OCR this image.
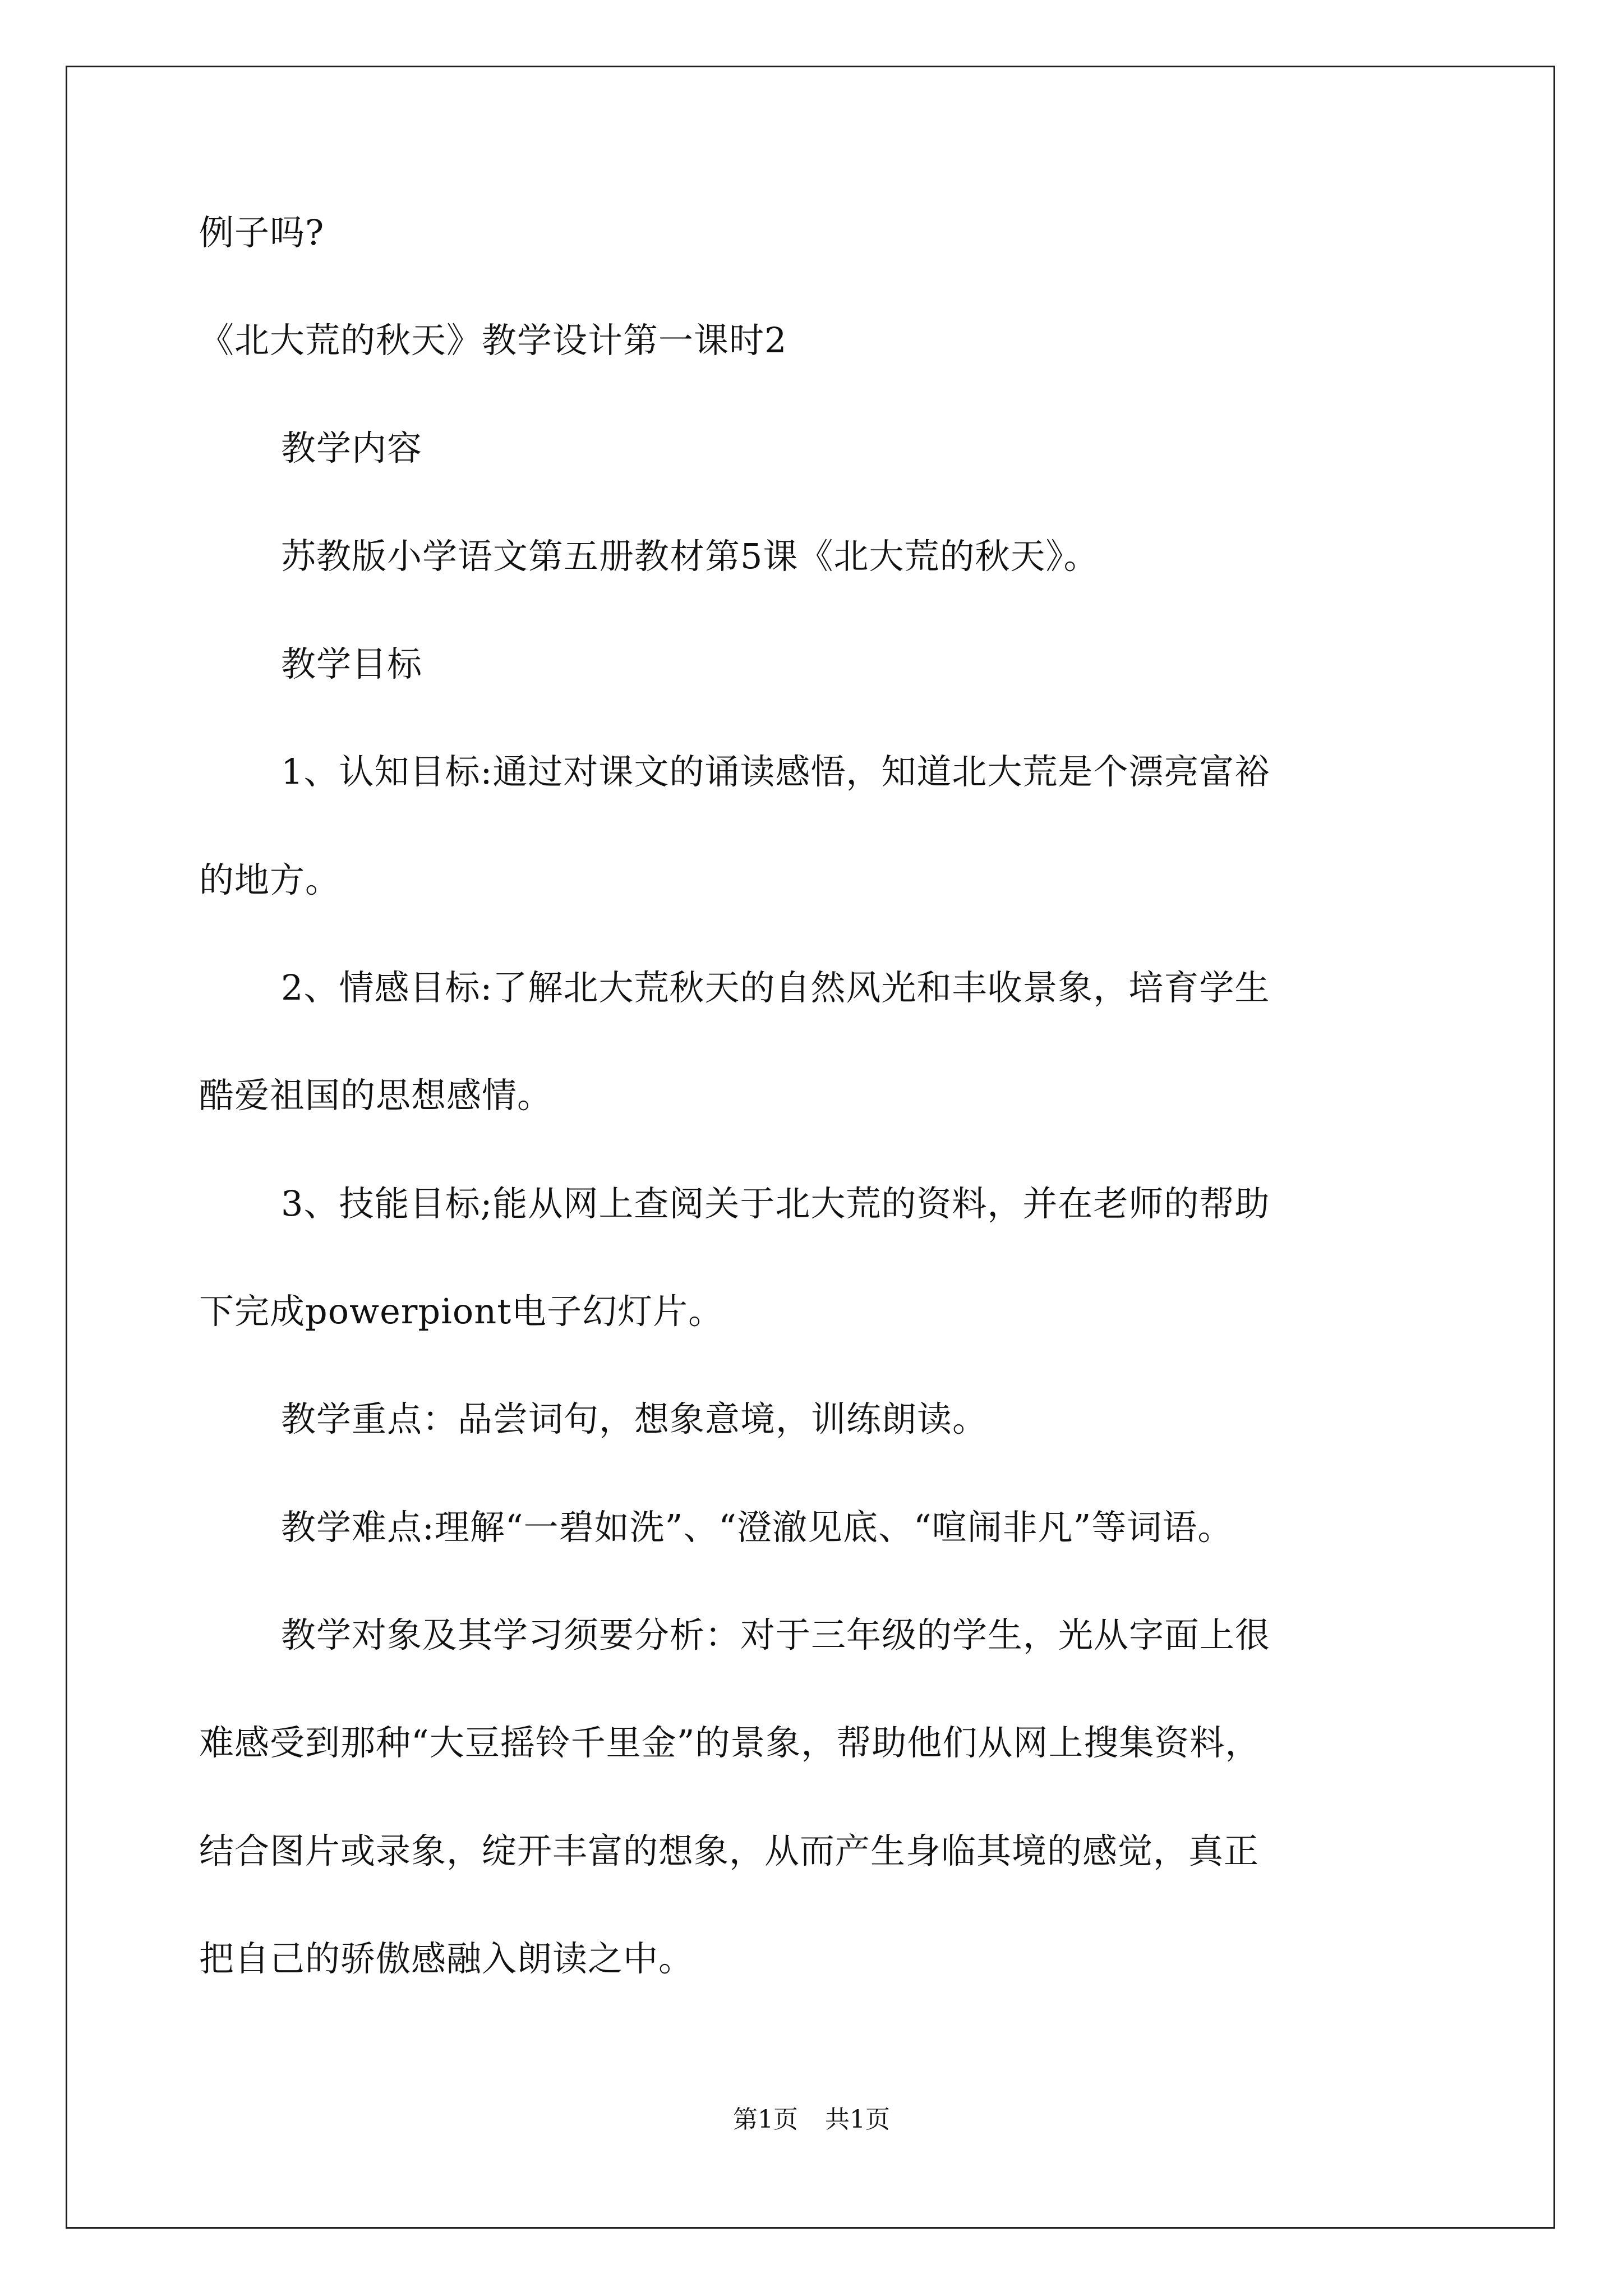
例子吗?
《北大荒的秋天》教学设计第一课时2
教学内容
苏教版小学语文第五册教材第5课《北大荒的秋天》。
教学目标
1、认知目标:通过对课文的诵读感悟，知道北大荒是个漂亮富裕
的地方。
2、情感目标:了解北大荒秋天的自然风光和丰收景象，培育学生
酷爱祖国的思想感情。
3、技能目标;能从网上查阅关于北大荒的资料，并在老师的帮助
下完成powerpiont电子幻灯片。
教学重点：品尝词句，想象意境，训练朗读。
教学难点:理解“一碧如洗”、“澄澈见底、“喧闹非凡”等词语。
教学对象及其学习须要分析：对于三年级的学生，光从字面上很
难感受到那种“大豆摇铃千里金”的景象，帮助他们从网上搜集资料，
结合图片或录象，绽开丰富的想象，从而产生身临其境的感觉，真正
把自己的骄傲感融入朗读之中。
第1页 共1页
